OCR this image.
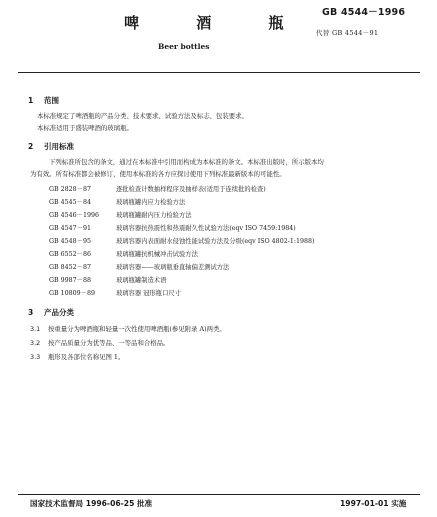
GB 4544－1996
啤 酒 瓶
Beer bottles
代替 GB 4544－91
1 范围
本标准规定了啤酒瓶的产品分类、技术要求、试验方法及标志、包装要求。
本标准适用于盛装啤酒的玻璃瓶。
2 引用标准
下列标准所包含的条文，通过在本标准中引用而构成为本标准的条文。本标准出版时，所示版本均
为有效。所有标准都会被修订，使用本标准的各方应探讨使用下列标准最新版本的可能性。
GB 2828－87	逐批检查计数抽样程序及抽样表(适用于连续批的检查)
GB 4545－84	玻璃瓶罐内应力检验方法
GB 4546－1996	玻璃瓶罐耐内压力检验方法
GB 4547－91	玻璃容器抗热震性和热震耐久性试验方法(eqv ISO 7459:1984)
GB 4548－95	玻璃容器内表面耐水侵蚀性能试验方法及分级(eqv ISO 4802-1:1988)
GB 6552－86	玻璃瓶罐抗机械冲击试验方法
GB 8452－87	玻璃容器——玻璃瓶垂直轴偏差测试方法
GB 9987－88	玻璃瓶罐制造术语
GB 10809－89	玻璃容器 冠形瓶口尺寸
3 产品分类
3.1 按重量分为啤酒瓶和轻量一次性使用啤酒瓶(参见附录 A)两类。
3.2 按产品质量分为优等品、一等品和合格品。
3.3 瓶形及各部位名称见图 1。
国家技术监督局 1996-06-25 批准	1997-01-01 实施
